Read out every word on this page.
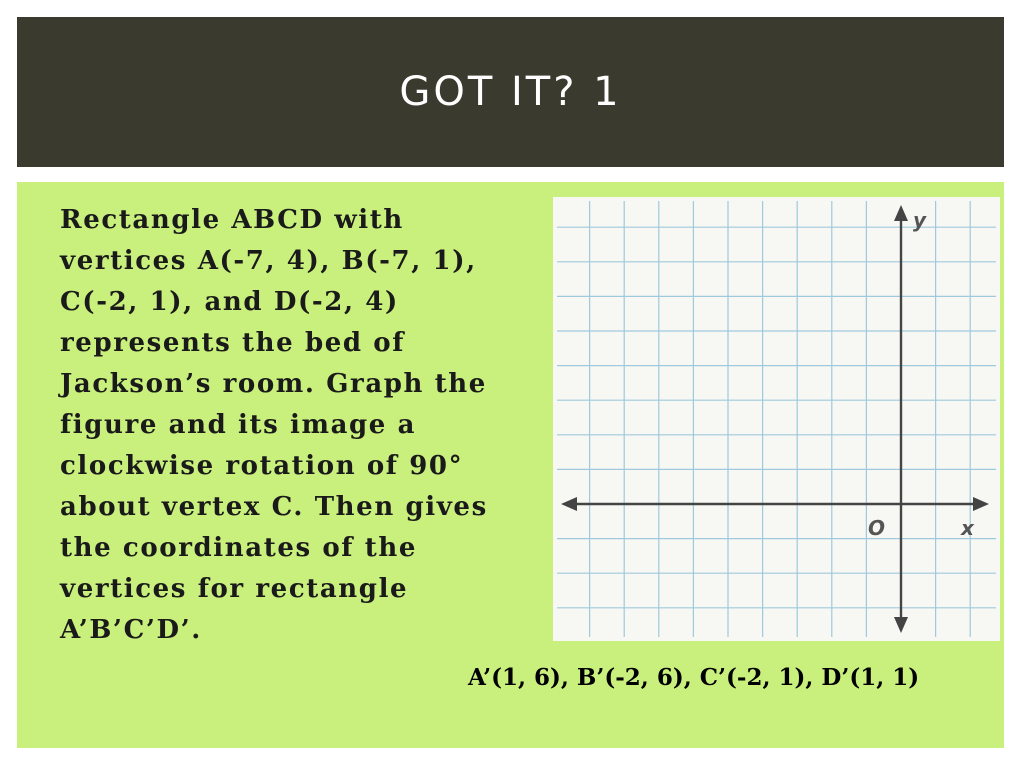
GOT IT? 1
Rectangle ABCD with
vertices A(-7, 4), B(-7, 1),
C(-2, 1), and D(-2, 4)
represents the bed of
Jackson’s room. Graph the
figure and its image a
clockwise rotation of 90°
about vertex C. Then gives
the coordinates of the
vertices for rectangle
A’B’C’D’.
y
x
O
A’(1, 6), B’(-2, 6), C’(-2, 1), D’(1, 1)
